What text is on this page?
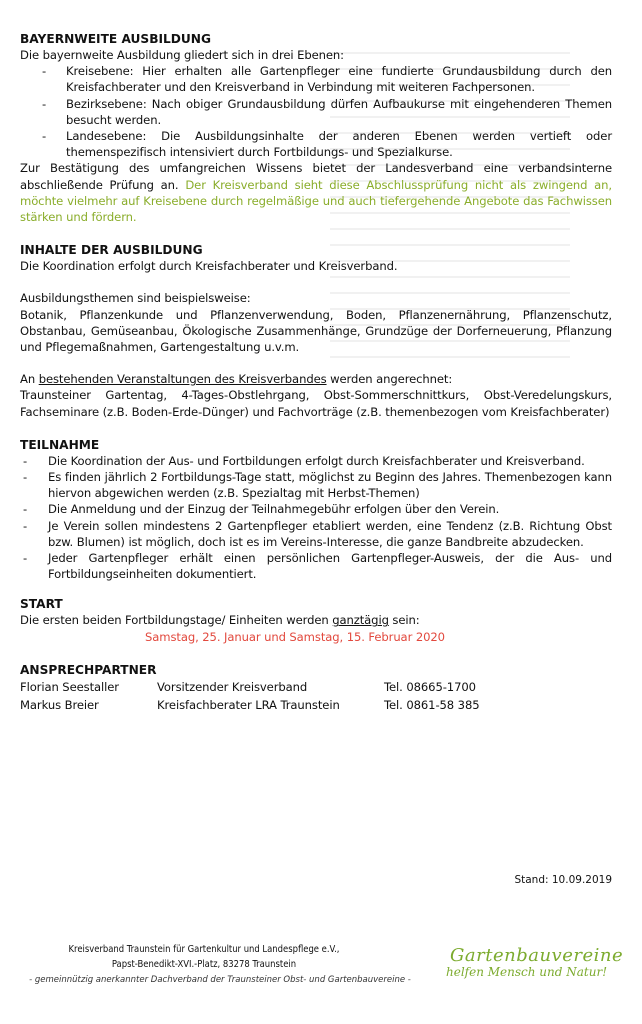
BAYERNWEITE AUSBILDUNG

Die bayernweite Ausbildung gliedert sich in drei Ebenen:

- Kreisebene: Hier erhalten alle Gartenpfleger eine fundierte Grundausbildung durch den Kreisfachberater und den Kreisverband in Verbindung mit weiteren Fachpersonen.
- Bezirksebene: Nach obiger Grundausbildung dürfen Aufbaukurse mit eingehenderen Themen besucht werden.
- Landesebene: Die Ausbildungsinhalte der anderen Ebenen werden vertieft oder themenspezifisch intensiviert durch Fortbildungs- und Spezialkurse.

Zur Bestätigung des umfangreichen Wissens bietet der Landesverband eine verbandsinterne abschließende Prüfung an. Der Kreisverband sieht diese Abschlussprüfung nicht als zwingend an, möchte vielmehr auf Kreisebene durch regelmäßige und auch tiefergehende Angebote das Fachwissen stärken und fördern.

INHALTE DER AUSBILDUNG

Die Koordination erfolgt durch Kreisfachberater und Kreisverband.

Ausbildungsthemen sind beispielsweise:

Botanik, Pflanzenkunde und Pflanzenverwendung, Boden, Pflanzenernährung, Pflanzenschutz, Obstanbau, Gemüseanbau, Ökologische Zusammenhänge, Grundzüge der Dorferneuerung, Pflanzung und Pflegemaßnahmen, Gartengestaltung u.v.m.

An bestehenden Veranstaltungen des Kreisverbandes werden angerechnet:

Traunsteiner Gartentag, 4-Tages-Obstlehrgang, Obst-Sommerschnittkurs, Obst-Veredelungskurs, Fachseminare (z.B. Boden-Erde-Dünger) und Fachvorträge (z.B. themenbezogen vom Kreisfachberater)

TEILNAHME
- Die Koordination der Aus- und Fortbildungen erfolgt durch Kreisfachberater und Kreisverband.
- Es finden jährlich 2 Fortbildungs-Tage statt, möglichst zu Beginn des Jahres. Themenbezogen kann hiervon abgewichen werden (z.B. Spezialtag mit Herbst-Themen)
- Die Anmeldung und der Einzug der Teilnahmegebühr erfolgen über den Verein.
- Je Verein sollen mindestens 2 Gartenpfleger etabliert werden, eine Tendenz (z.B. Richtung Obst bzw. Blumen) ist möglich, doch ist es im Vereins-Interesse, die ganze Bandbreite abzudecken.
- Jeder Gartenpfleger erhält einen persönlichen Gartenpfleger-Ausweis, der die Aus- und Fortbildungseinheiten dokumentiert.
START

Die ersten beiden Fortbildungstage/ Einheiten werden ganztägig sein:

Samstag, 25. Januar und Samstag, 15. Februar 2020

ANSPRECHPARTNER
Florian Seestaller	Vorsitzender Kreisverband	Tel. 08665-1700
Markus Breier	Kreisfachberater LRA Traunstein	Tel. 0861-58 385
Stand: 10.09.2019
Kreisverband Traunstein für Gartenkultur und Landespflege e.V.,
Papst-Benedikt-XVI.-Platz, 83278 Traunstein
- gemeinnützig anerkannter Dachverband der Traunsteiner Obst- und Gartenbauvereine -
Gartenbauvereine
helfen Mensch und Natur!
